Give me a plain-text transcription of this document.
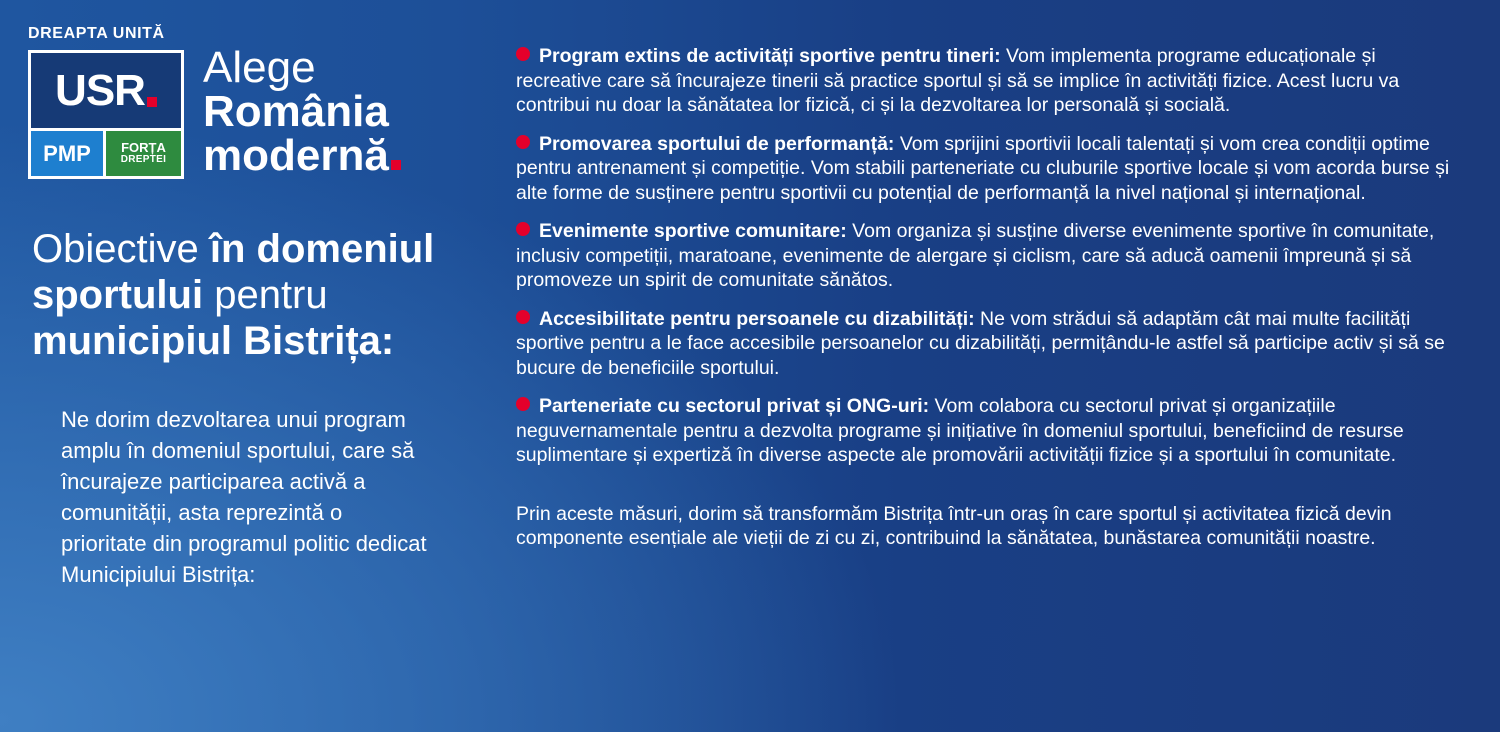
DREAPTA UNITĂ
USR
PMP	FORȚA
DREPTEI
Alege
România
modernă
Obiective în domeniul sportului pentru municipiul Bistrița:
Ne dorim dezvoltarea unui program amplu în domeniul sportului, care să încurajeze participarea activă a comunității, asta reprezintă o prioritate din programul politic dedicat Municipiului Bistrița:
Program extins de activități sportive pentru tineri: Vom implementa programe educaționale și recreative care să încurajeze tinerii să practice sportul și să se implice în activități fizice. Acest lucru va contribui nu doar la sănătatea lor fizică, ci și la dezvoltarea lor personală și socială.
Promovarea sportului de performanță: Vom sprijini sportivii locali talentați și vom crea condiții optime pentru antrenament și competiție. Vom stabili parteneriate cu cluburile sportive locale și vom acorda burse și alte forme de susținere pentru sportivii cu potențial de performanță la nivel național și internațional.
Evenimente sportive comunitare: Vom organiza și susține diverse evenimente sportive în comunitate, inclusiv competiții, maratoane, evenimente de alergare și ciclism, care să aducă oamenii împreună și să promoveze un spirit de comunitate sănătos.
Accesibilitate pentru persoanele cu dizabilități: Ne vom strădui să adaptăm cât mai multe facilități sportive pentru a le face accesibile persoanelor cu dizabilități, permițându-le astfel să participe activ și să se bucure de beneficiile sportului.
Parteneriate cu sectorul privat și ONG-uri: Vom colabora cu sectorul privat și organizațiile neguvernamentale pentru a dezvolta programe și inițiative în domeniul sportului, beneficiind de resurse suplimentare și expertiză în diverse aspecte ale promovării activității fizice și a sportului în comunitate.
Prin aceste măsuri, dorim să transformăm Bistrița într-un oraș în care sportul și activitatea fizică devin componente esențiale ale vieții de zi cu zi, contribuind la sănătatea, bunăstarea comunității noastre.
